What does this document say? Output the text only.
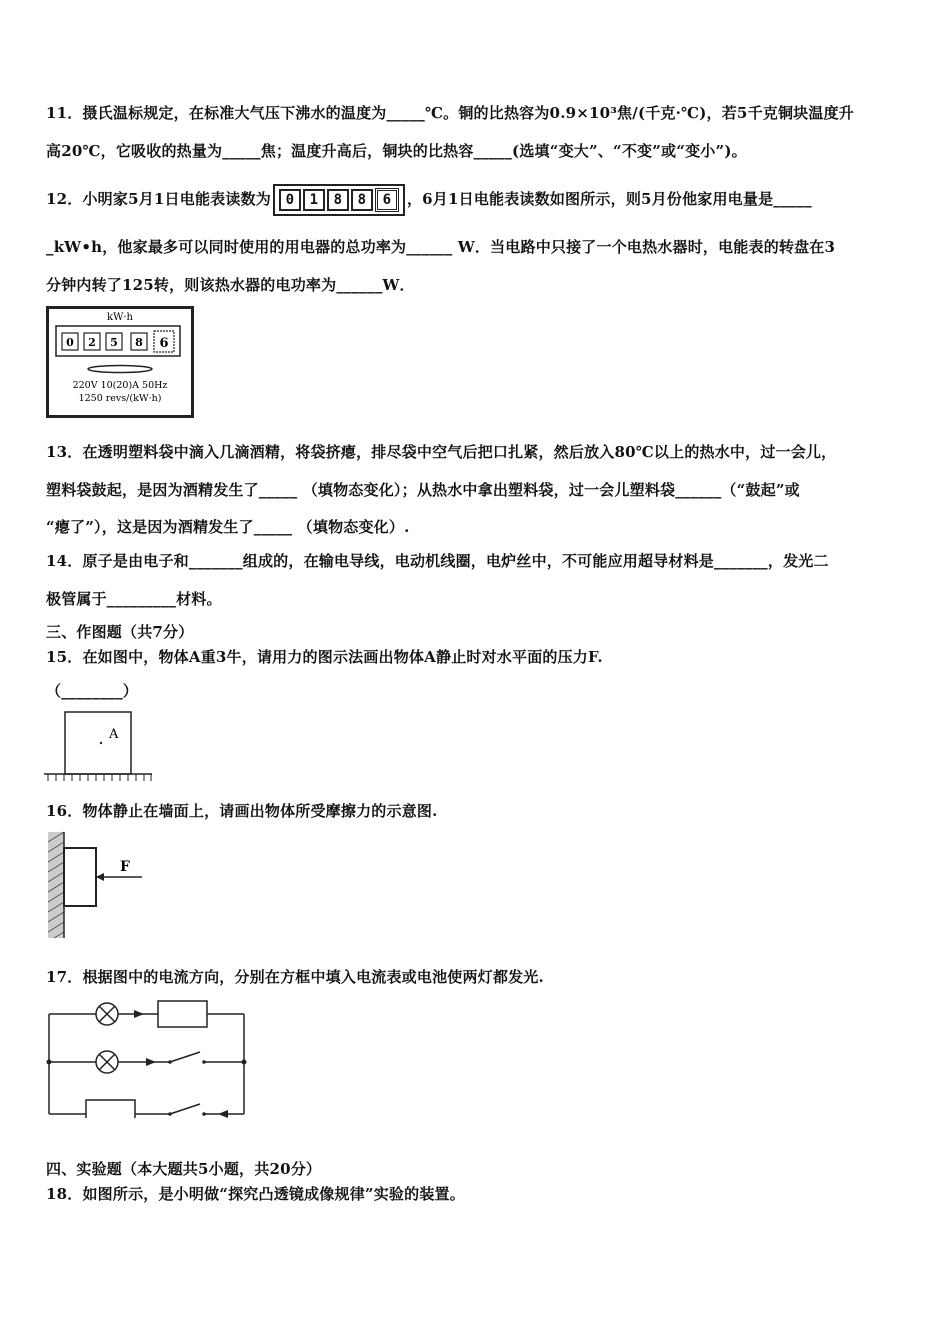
11．摄氏温标规定，在标准大气压下沸水的温度为_____℃。铜的比热容为0.9×10³焦/(千克·℃)，若5千克铜块温度升
高20℃，它吸收的热量为_____焦；温度升高后，铜块的比热容_____(选填“变大”、“不变”或“变小”)。
12．小明家5月1日电能表读数为 0 1 8 8 6 ，6月1日电能表读数如图所示，则5月份他家用电量是_____
_kW•h，他家最多可以同时使用的用电器的总功率为______ W．当电路中只接了一个电热水器时，电能表的转盘在3
分钟内转了125转，则该热水器的电功率为______W．
kW·h
0 2 5 8 6
220V 10(20)A 50Hz
1250 revs/(kW·h)
13．在透明塑料袋中滴入几滴酒精，将袋挤瘪，排尽袋中空气后把口扎紧，然后放入80℃以上的热水中，过一会儿，
塑料袋鼓起，是因为酒精发生了_____ （填物态变化）；从热水中拿出塑料袋，过一会儿塑料袋______（“鼓起”或
“瘪了”），这是因为酒精发生了_____ （填物态变化）.
14．原子是由电子和_______组成的，在输电导线，电动机线圈，电炉丝中，不可能应用超导材料是_______，发光二
极管属于_________材料。
三、作图题（共7分）
15．在如图中，物体A重3牛，请用力的图示法画出物体A静止时对水平面的压力F.
（________）
A
16．物体静止在墙面上，请画出物体所受摩擦力的示意图.
F
17．根据图中的电流方向，分别在方框中填入电流表或电池使两灯都发光.
四、实验题（本大题共5小题，共20分）
18．如图所示，是小明做“探究凸透镜成像规律”实验的装置。
